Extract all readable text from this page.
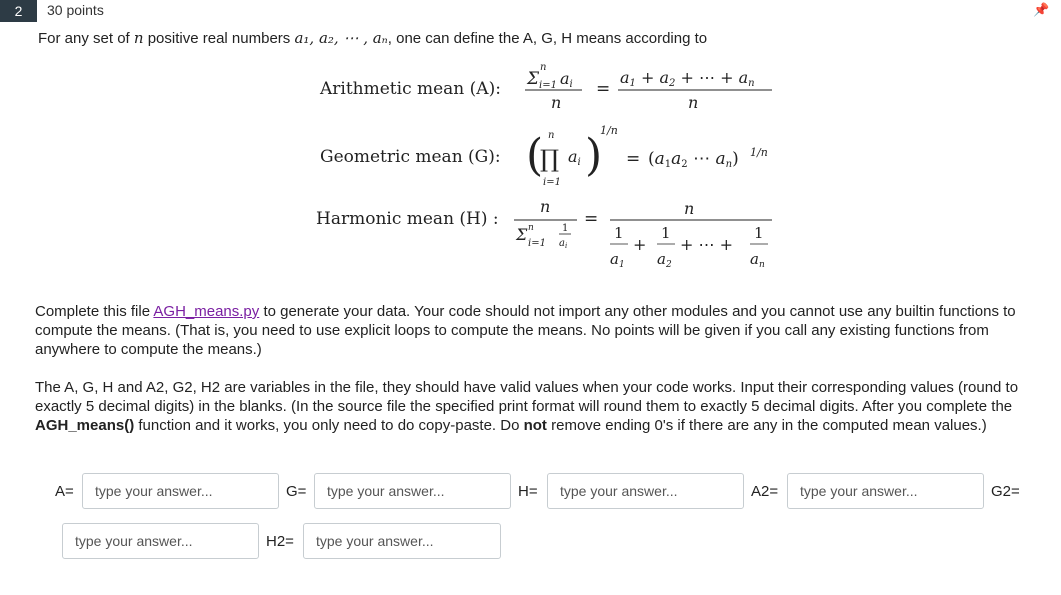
2	30 points	📌
For any set of n positive real numbers a₁, a₂, ⋯ , aₙ, one can define the A, G, H means according to
Arithmetic mean (A): Σ
n
i=1 ai
n
=
a1 + a2 + ⋯ + an
n
Geometric mean (G): ( n
∏
i=1
ai )
1/n
= (a1a2 ⋯ an) 1/n
Harmonic mean (H) :
n
Σ n
i=1
1
$a_i$
=
n
1
$a_1$
+
1
$a_2$
+ ⋯ +
1
$a_n$
Complete this file AGH_means.py to generate your data. Your code should not import any other modules and you cannot use any builtin functions to compute the means. (That is, you need to use explicit loops to compute the means. No points will be given if you call any existing functions from anywhere to compute the means.)
The A, G, H and A2, G2, H2 are variables in the file, they should have valid values when your code works. Input their corresponding values (round to exactly 5 decimal digits) in the blanks. (In the source file the specified print format will round them to exactly 5 decimal digits. After you complete the AGH_means() function and it works, you only need to do copy-paste. Do not remove ending 0's if there are any in the computed mean values.)
A=
type your answer...	G=
type your answer...	H=
type your answer...	A2=
type your answer...	G2=
type your answer...
H2=
type your answer...
